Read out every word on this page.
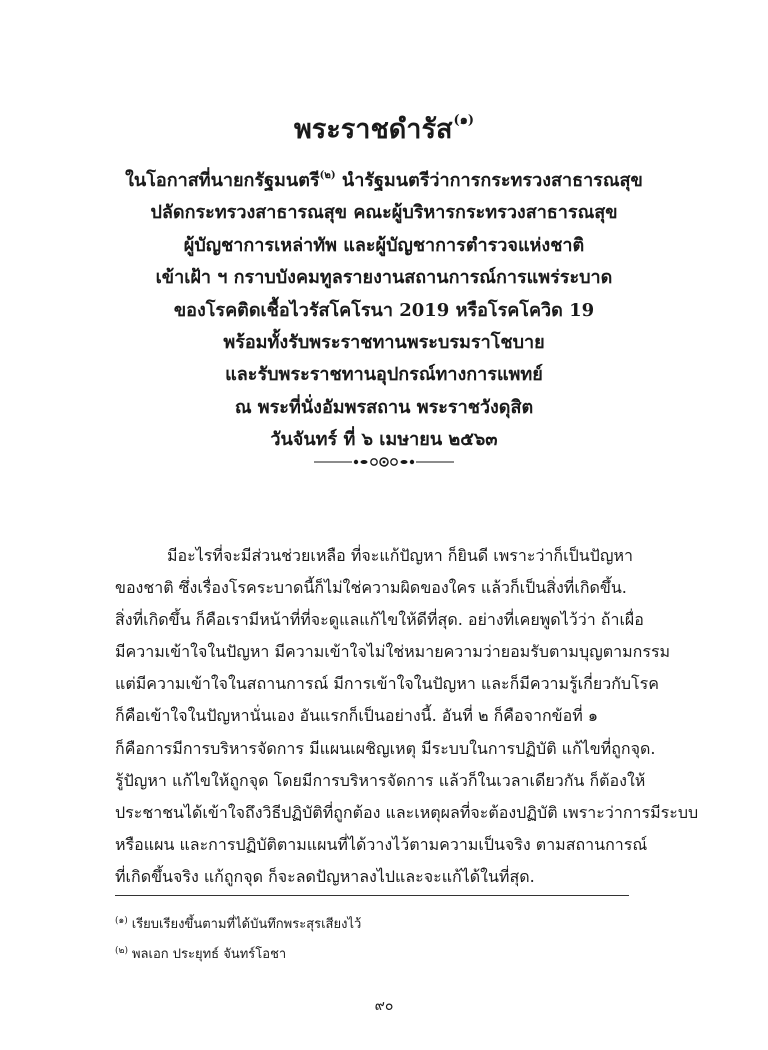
พระราชดำรัส$^{(๑)}$
ในโอกาสที่นายกรัฐมนตรี$^{(๒)}$ นำรัฐมนตรีว่าการกระทรวงสาธารณสุข
ปลัดกระทรวงสาธารณสุข คณะผู้บริหารกระทรวงสาธารณสุข
ผู้บัญชาการเหล่าทัพ และผู้บัญชาการตำรวจแห่งชาติ
เข้าเฝ้า ฯ กราบบังคมทูลรายงานสถานการณ์การแพร่ระบาด
ของโรคติดเชื้อไวรัสโคโรนา 2019 หรือโรคโควิด 19
พร้อมทั้งรับพระราชทานพระบรมราโชบาย
และรับพระราชทานอุปกรณ์ทางการแพทย์
ณ พระที่นั่งอัมพรสถาน พระราชวังดุสิต
วันจันทร์ ที่ ๖ เมษายน ๒๕๖๓
มีอะไรที่จะมีส่วนช่วยเหลือ ที่จะแก้ปัญหา ก็ยินดี เพราะว่าก็เป็นปัญหา
ของชาติ ซึ่งเรื่องโรคระบาดนี้ก็ไม่ใช่ความผิดของใคร แล้วก็เป็นสิ่งที่เกิดขึ้น.
สิ่งที่เกิดขึ้น ก็คือเรามีหน้าที่ที่จะดูแลแก้ไขให้ดีที่สุด. อย่างที่เคยพูดไว้ว่า ถ้าเผื่อ
มีความเข้าใจในปัญหา มีความเข้าใจไม่ใช่หมายความว่ายอมรับตามบุญตามกรรม
แต่มีความเข้าใจในสถานการณ์ มีการเข้าใจในปัญหา และก็มีความรู้เกี่ยวกับโรค
ก็คือเข้าใจในปัญหานั่นเอง อันแรกก็เป็นอย่างนี้. อันที่ ๒ ก็คือจากข้อที่ ๑
ก็คือการมีการบริหารจัดการ มีแผนเผชิญเหตุ มีระบบในการปฏิบัติ แก้ไขที่ถูกจุด.
รู้ปัญหา แก้ไขให้ถูกจุด โดยมีการบริหารจัดการ แล้วก็ในเวลาเดียวกัน ก็ต้องให้
ประชาชนได้เข้าใจถึงวิธีปฏิบัติที่ถูกต้อง และเหตุผลที่จะต้องปฏิบัติ เพราะว่าการมีระบบ
หรือแผน และการปฏิบัติตามแผนที่ได้วางไว้ตามความเป็นจริง ตามสถานการณ์
ที่เกิดขึ้นจริง แก้ถูกจุด ก็จะลดปัญหาลงไปและจะแก้ได้ในที่สุด.
$^{(๑)}$ เรียบเรียงขึ้นตามที่ได้บันทึกพระสุรเสียงไว้
$^{(๒)}$ พลเอก ประยุทธ์ จันทร์โอชา
๙๐
